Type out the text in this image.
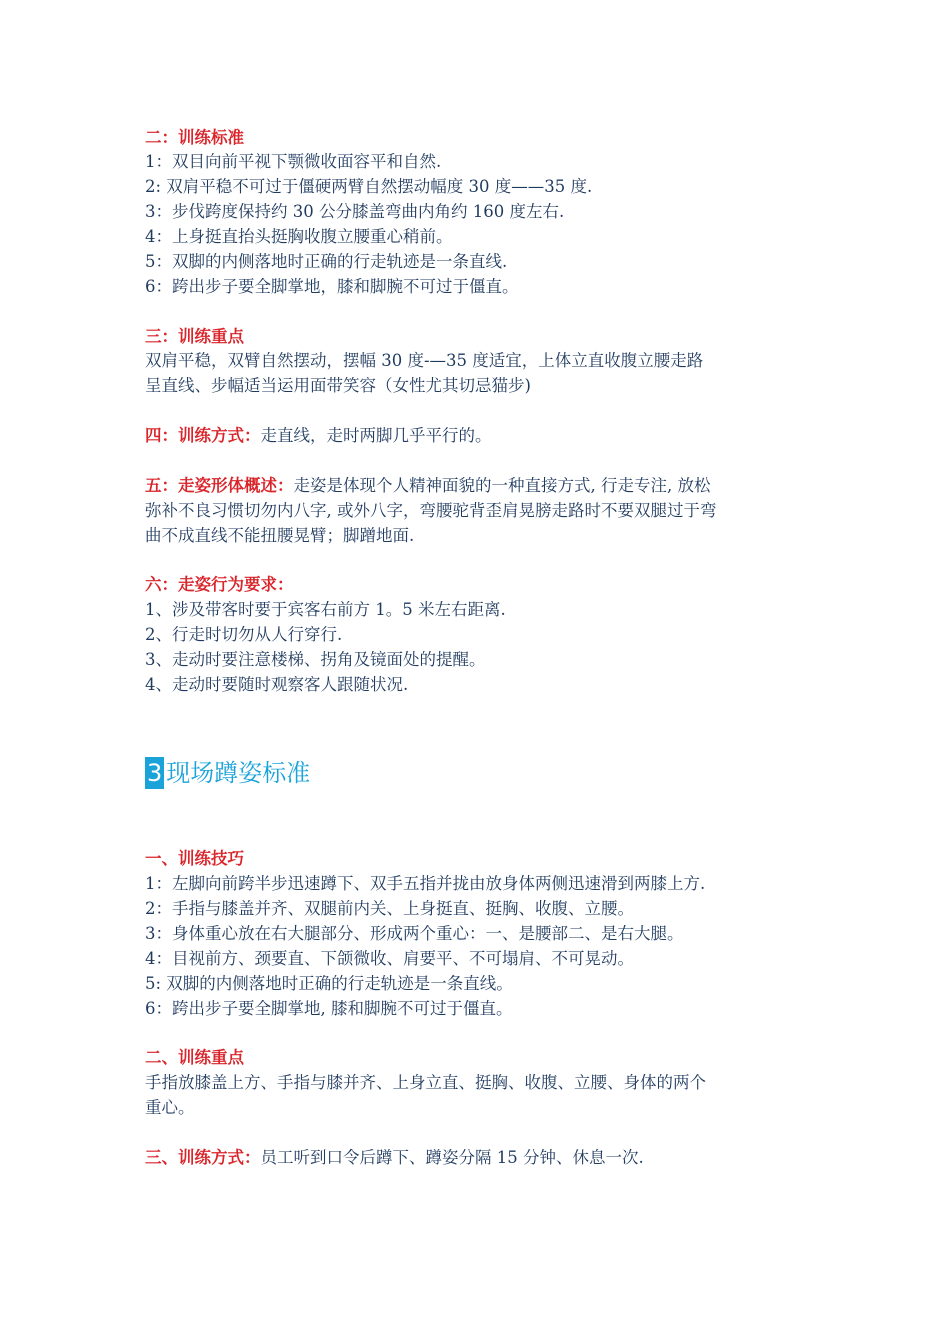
二：训练标准
1：双目向前平视下颚微收面容平和自然.
2: 双肩平稳不可过于僵硬两臂自然摆动幅度 30 度——35 度.
3：步伐跨度保持约 30 公分膝盖弯曲内角约 160 度左右.
4：上身挺直抬头挺胸收腹立腰重心稍前。
5：双脚的内侧落地时正确的行走轨迹是一条直线.
6：跨出步子要全脚掌地，膝和脚腕不可过于僵直。
三：训练重点
双肩平稳，双臂自然摆动，摆幅 30 度-—35 度适宜，上体立直收腹立腰走路
呈直线、步幅适当运用面带笑容（女性尤其切忌猫步)
四：训练方式：走直线，走时两脚几乎平行的。
五：走姿形体概述：走姿是体现个人精神面貌的一种直接方式, 行走专注, 放松
弥补不良习惯切勿内八字, 或外八字，弯腰驼背歪肩晃膀走路时不要双腿过于弯
曲不成直线不能扭腰晃臂；脚蹭地面.
六：走姿行为要求：
1、涉及带客时要于宾客右前方 1。5 米左右距离.
2、行走时切勿从人行穿行.
3、走动时要注意楼梯、拐角及镜面处的提醒。
4、走动时要随时观察客人跟随状况.
3 现场蹲姿标准
一、训练技巧
1：左脚向前跨半步迅速蹲下、双手五指并拢由放身体两侧迅速滑到两膝上方.
2：手指与膝盖并齐、双腿前内关、上身挺直、挺胸、收腹、立腰。
3：身体重心放在右大腿部分、形成两个重心：一、是腰部二、是右大腿。
4：目视前方、颈要直、下颌微收、肩要平、不可塌肩、不可晃动。
5: 双脚的内侧落地时正确的行走轨迹是一条直线。
6：跨出步子要全脚掌地, 膝和脚腕不可过于僵直。
二、训练重点
手指放膝盖上方、手指与膝并齐、上身立直、挺胸、收腹、立腰、身体的两个
重心。
三、训练方式：员工听到口令后蹲下、蹲姿分隔 15 分钟、休息一次.
